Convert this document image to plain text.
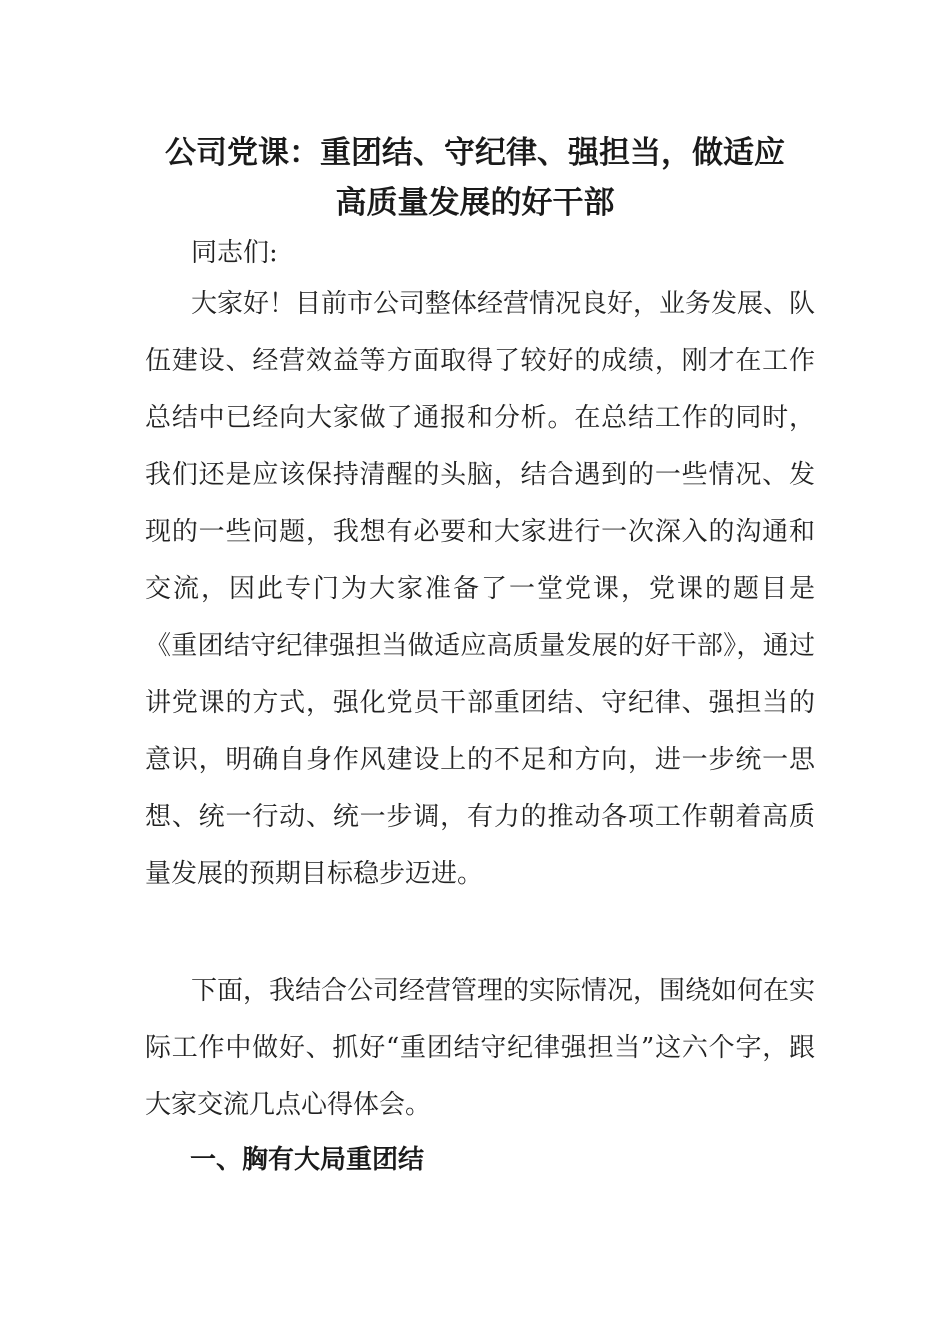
公司党课：重团结、守纪律、强担当，做适应
高质量发展的好干部

同志们:

大家好！目前市公司整体经营情况良好，业务发展、队伍建设、经营效益等方面取得了较好的成绩，刚才在工作总结中已经向大家做了通报和分析。在总结工作的同时，我们还是应该保持清醒的头脑，结合遇到的一些情况、发现的一些问题，我想有必要和大家进行一次深入的沟通和交流，因此专门为大家准备了一堂党课，党课的题目是《重团结守纪律强担当做适应高质量发展的好干部》，通过讲党课的方式，强化党员干部重团结、守纪律、强担当的意识，明确自身作风建设上的不足和方向，进一步统一思想、统一行动、统一步调，有力的推动各项工作朝着高质量发展的预期目标稳步迈进。

下面，我结合公司经营管理的实际情况，围绕如何在实际工作中做好、抓好“重团结守纪律强担当”这六个字，跟大家交流几点心得体会。

一、胸有大局重团结
